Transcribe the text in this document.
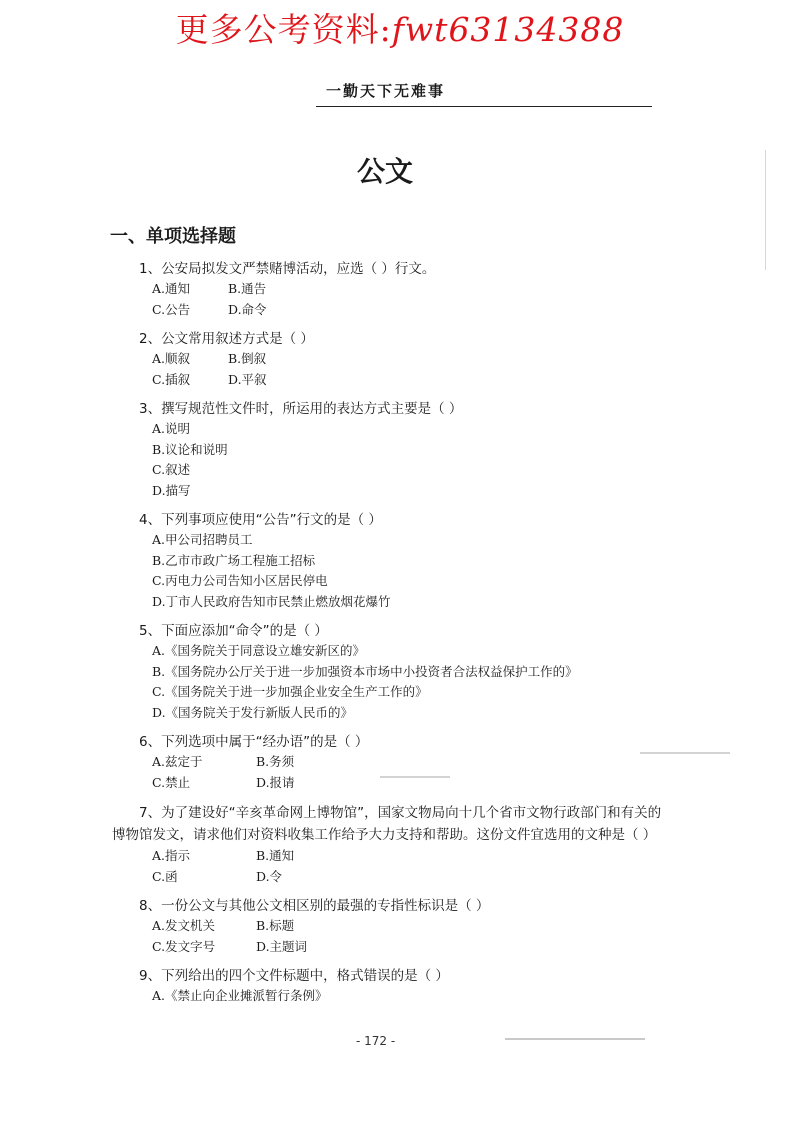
更多公考资料:fwt63134388
一勤天下无难事
公文
一、单项选择题
1、公安局拟发文严禁赌博活动，应选（ ）行文。
A.通知	B.通告
C.公告	D.命令
2、公文常用叙述方式是（ ）
A.顺叙	B.倒叙
C.插叙	D.平叙
3、撰写规范性文件时，所运用的表达方式主要是（ ）
A.说明
B.议论和说明
C.叙述
D.描写
4、下列事项应使用“公告”行文的是（ ）
A.甲公司招聘员工
B.乙市市政广场工程施工招标
C.丙电力公司告知小区居民停电
D.丁市人民政府告知市民禁止燃放烟花爆竹
5、下面应添加“命令”的是（ ）
A.《国务院关于同意设立雄安新区的》
B.《国务院办公厅关于进一步加强资本市场中小投资者合法权益保护工作的》
C.《国务院关于进一步加强企业安全生产工作的》
D.《国务院关于发行新版人民币的》
6、下列选项中属于“经办语”的是（ ）
A.兹定于	B.务须
C.禁止	D.报请
7、为了建设好“辛亥革命网上博物馆”，国家文物局向十几个省市文物行政部门和有关的博物馆发文，请求他们对资料收集工作给予大力支持和帮助。这份文件宜选用的文种是（ ）
A.指示	B.通知
C.函	D.令
8、一份公文与其他公文相区别的最强的专指性标识是（ ）
A.发文机关	B.标题
C.发文字号	D.主题词
9、下列给出的四个文件标题中，格式错误的是（ ）
A.《禁止向企业摊派暂行条例》
- 172 -
